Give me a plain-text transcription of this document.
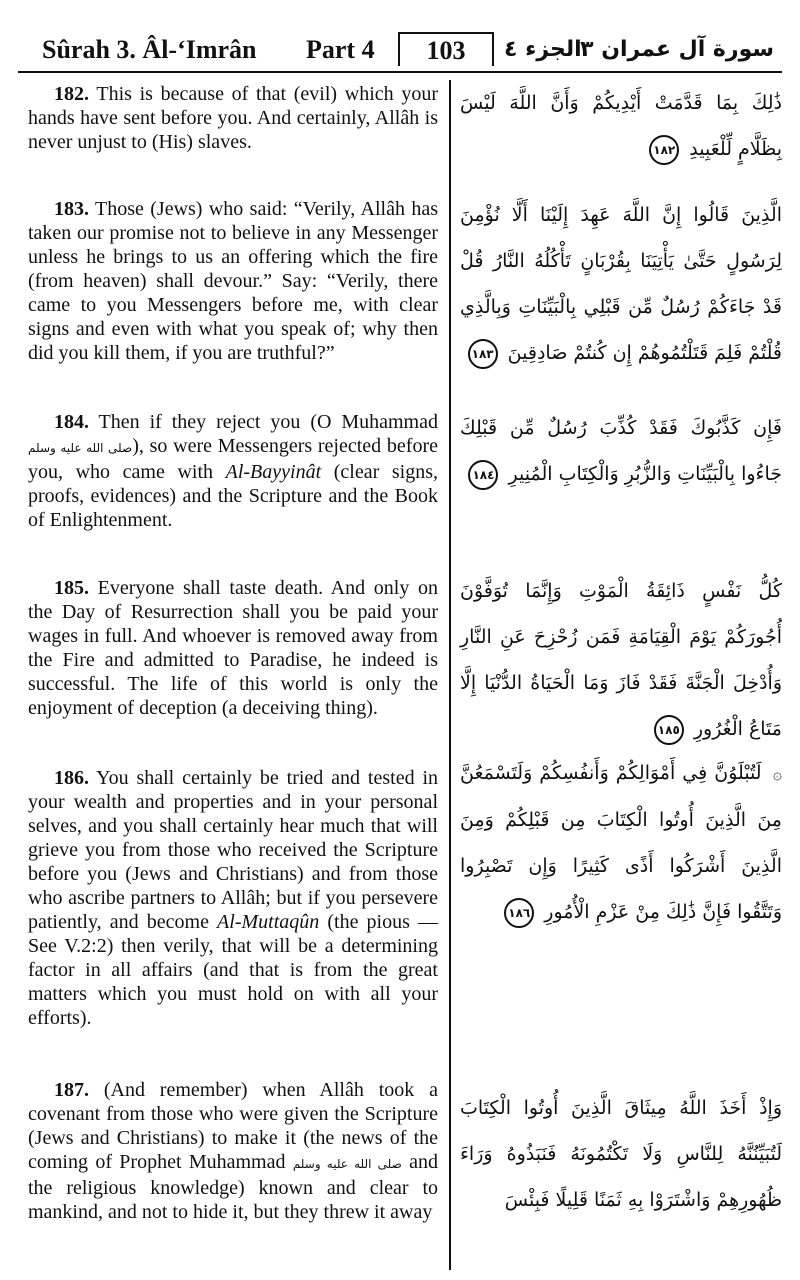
Sûrah 3. Âl-‘Imrân Part 4	103	الجزء ٤
سورة آل عمران ٣

182. This is because of that (evil) which your hands have sent before you. And certainly, Allâh is never unjust to (His) slaves.

183. Those (Jews) who said: “Verily, Allâh has taken our promise not to believe in any Messenger unless he brings to us an offering which the fire (from heaven) shall devour.” Say: “Verily, there came to you Messengers before me, with clear signs and even with what you speak of; why then did you kill them, if you are truthful?”

184. Then if they reject you (O Muhammad صلى الله عليه وسلم), so were Messengers rejected before you, who came with Al-Bayyinât (clear signs, proofs, evidences) and the Scripture and the Book of Enlightenment.

185. Everyone shall taste death. And only on the Day of Resurrection shall you be paid your wages in full. And whoever is removed away from the Fire and admitted to Paradise, he indeed is successful. The life of this world is only the enjoyment of deception (a deceiving thing).

186. You shall certainly be tried and tested in your wealth and properties and in your personal selves, and you shall certainly hear much that will grieve you from those who received the Scripture before you (Jews and Christians) and from those who ascribe partners to Allâh; but if you persevere patiently, and become Al-Muttaqûn (the pious — See V.2:2) then verily, that will be a determining factor in all affairs (and that is from the great matters which you must hold on with all your efforts).

187. (And remember) when Allâh took a covenant from those who were given the Scripture (Jews and Christians) to make it (the news of the coming of Prophet Muhammad صلى الله عليه وسلم and the religious knowledge) known and clear to mankind, and not to hide it, but they threw it away

ذَٰلِكَ بِمَا قَدَّمَتْ أَيْدِيكُمْ وَأَنَّ اللَّهَ لَيْسَ بِظَلَّامٍ لِّلْعَبِيدِ ١٨٢

الَّذِينَ قَالُوا إِنَّ اللَّهَ عَهِدَ إِلَيْنَا أَلَّا نُؤْمِنَ لِرَسُولٍ حَتَّىٰ يَأْتِيَنَا بِقُرْبَانٍ تَأْكُلُهُ النَّارُ قُلْ قَدْ جَاءَكُمْ رُسُلٌ مِّن قَبْلِي بِالْبَيِّنَاتِ وَبِالَّذِي قُلْتُمْ فَلِمَ قَتَلْتُمُوهُمْ إِن كُنتُمْ صَادِقِينَ ١٨٣

فَإِن كَذَّبُوكَ فَقَدْ كُذِّبَ رُسُلٌ مِّن قَبْلِكَ جَاءُوا بِالْبَيِّنَاتِ وَالزُّبُرِ وَالْكِتَابِ الْمُنِيرِ ١٨٤

كُلُّ نَفْسٍ ذَائِقَةُ الْمَوْتِ وَإِنَّمَا تُوَفَّوْنَ أُجُورَكُمْ يَوْمَ الْقِيَامَةِ فَمَن زُحْزِحَ عَنِ النَّارِ وَأُدْخِلَ الْجَنَّةَ فَقَدْ فَازَ وَمَا الْحَيَاةُ الدُّنْيَا إِلَّا مَتَاعُ الْغُرُورِ ١٨٥

۞ لَتُبْلَوُنَّ فِي أَمْوَالِكُمْ وَأَنفُسِكُمْ وَلَتَسْمَعُنَّ مِنَ الَّذِينَ أُوتُوا الْكِتَابَ مِن قَبْلِكُمْ وَمِنَ الَّذِينَ أَشْرَكُوا أَذًى كَثِيرًا وَإِن تَصْبِرُوا وَتَتَّقُوا فَإِنَّ ذَٰلِكَ مِنْ عَزْمِ الْأُمُورِ ١٨٦

وَإِذْ أَخَذَ اللَّهُ مِيثَاقَ الَّذِينَ أُوتُوا الْكِتَابَ لَتُبَيِّنُنَّهُ لِلنَّاسِ وَلَا تَكْتُمُونَهُ فَنَبَذُوهُ وَرَاءَ ظُهُورِهِمْ وَاشْتَرَوْا بِهِ ثَمَنًا قَلِيلًا فَبِئْسَ
